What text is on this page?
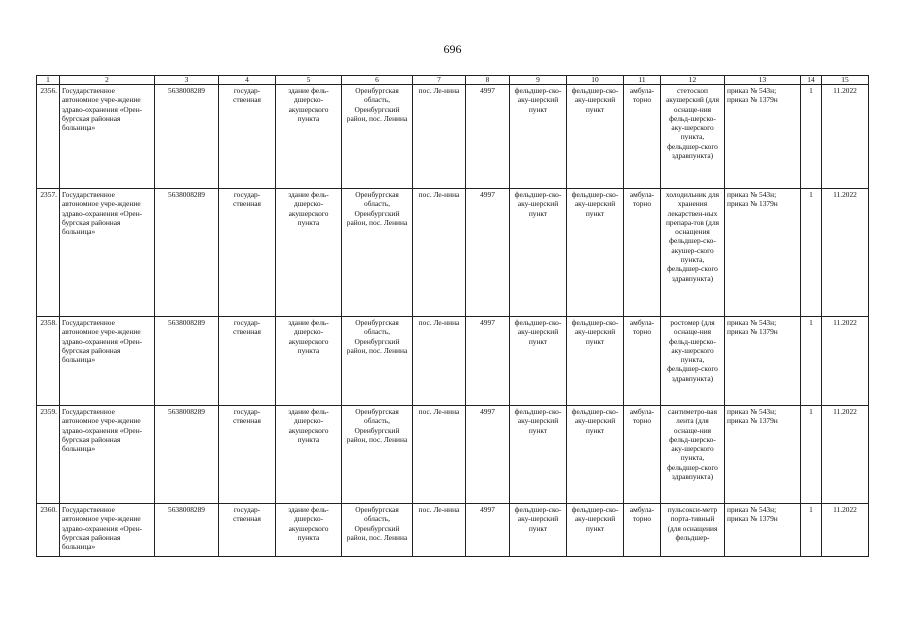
696
1	2	3	4	5	6	7	8	9	10	11	12	13	14	15
2356.	Государственное автономное учре-ждение здраво-охранения «Орен-бургская районная больница»	5638008289	государ-ственная	здание фель-дшерско-акушерского пункта	Оренбургская область, Оренбургский район, пос. Ленина	пос. Ле-нина	4997	фельдшер-ско-аку-шерский пункт	фельдшер-ско-аку-шерский пункт	амбула-торно	стетоскоп акушерский (для оснаще-ния фельд-шерско-аку-шерского пункта, фельдшер-ского здравпункта)	приказ № 543н; приказ № 1379н	1	11.2022
2357.	Государственное автономное учре-ждение здраво-охранения «Орен-бургская районная больница»	5638008289	государ-ственная	здание фель-дшерско-акушерского пункта	Оренбургская область, Оренбургский район, пос. Ленина	пос. Ле-нина	4997	фельдшер-ско-аку-шерский пункт	фельдшер-ско-аку-шерский пункт	амбула-торно	холодильник для хранения лекарствен-ных препара-тов (для оснащения фельдшер-ско-акушер-ского пункта, фельдшер-ского здравпункта)	приказ № 543н; приказ № 1379н	1	11.2022
2358.	Государственное автономное учре-ждение здраво-охранения «Орен-бургская районная больница»	5638008289	государ-ственная	здание фель-дшерско-акушерского пункта	Оренбургская область, Оренбургский район, пос. Ленина	пос. Ле-нина	4997	фельдшер-ско-аку-шерский пункт	фельдшер-ско-аку-шерский пункт	амбула-торно	ростомер (для оснаще-ния фельд-шерско-аку-шерского пункта, фельдшер-ского здравпункта)	приказ № 543н; приказ № 1379н	1	11.2022
2359.	Государственное автономное учре-ждение здраво-охранения «Орен-бургская районная больница»	5638008289	государ-ственная	здание фель-дшерско-акушерского пункта	Оренбургская область, Оренбургский район, пос. Ленина	пос. Ле-нина	4997	фельдшер-ско-аку-шерский пункт	фельдшер-ско-аку-шерский пункт	амбула-торно	сантиметро-вая лента (для оснаще-ния фельд-шерско-аку-шерского пункта, фельдшер-ского здравпункта)	приказ № 543н; приказ № 1379н	1	11.2022
2360.	Государственное автономное учре-ждение здраво-охранения «Орен-бургская районная больница»	5638008289	государ-ственная	здание фель-дшерско-акушерского пункта	Оренбургская область, Оренбургский район, пос. Ленина	пос. Ле-нина	4997	фельдшер-ско-аку-шерский пункт	фельдшер-ско-аку-шерский пункт	амбула-торно	пульсокси-метр порта-тивный (для оснащения фельдшер-	приказ № 543н; приказ № 1379н	1	11.2022
